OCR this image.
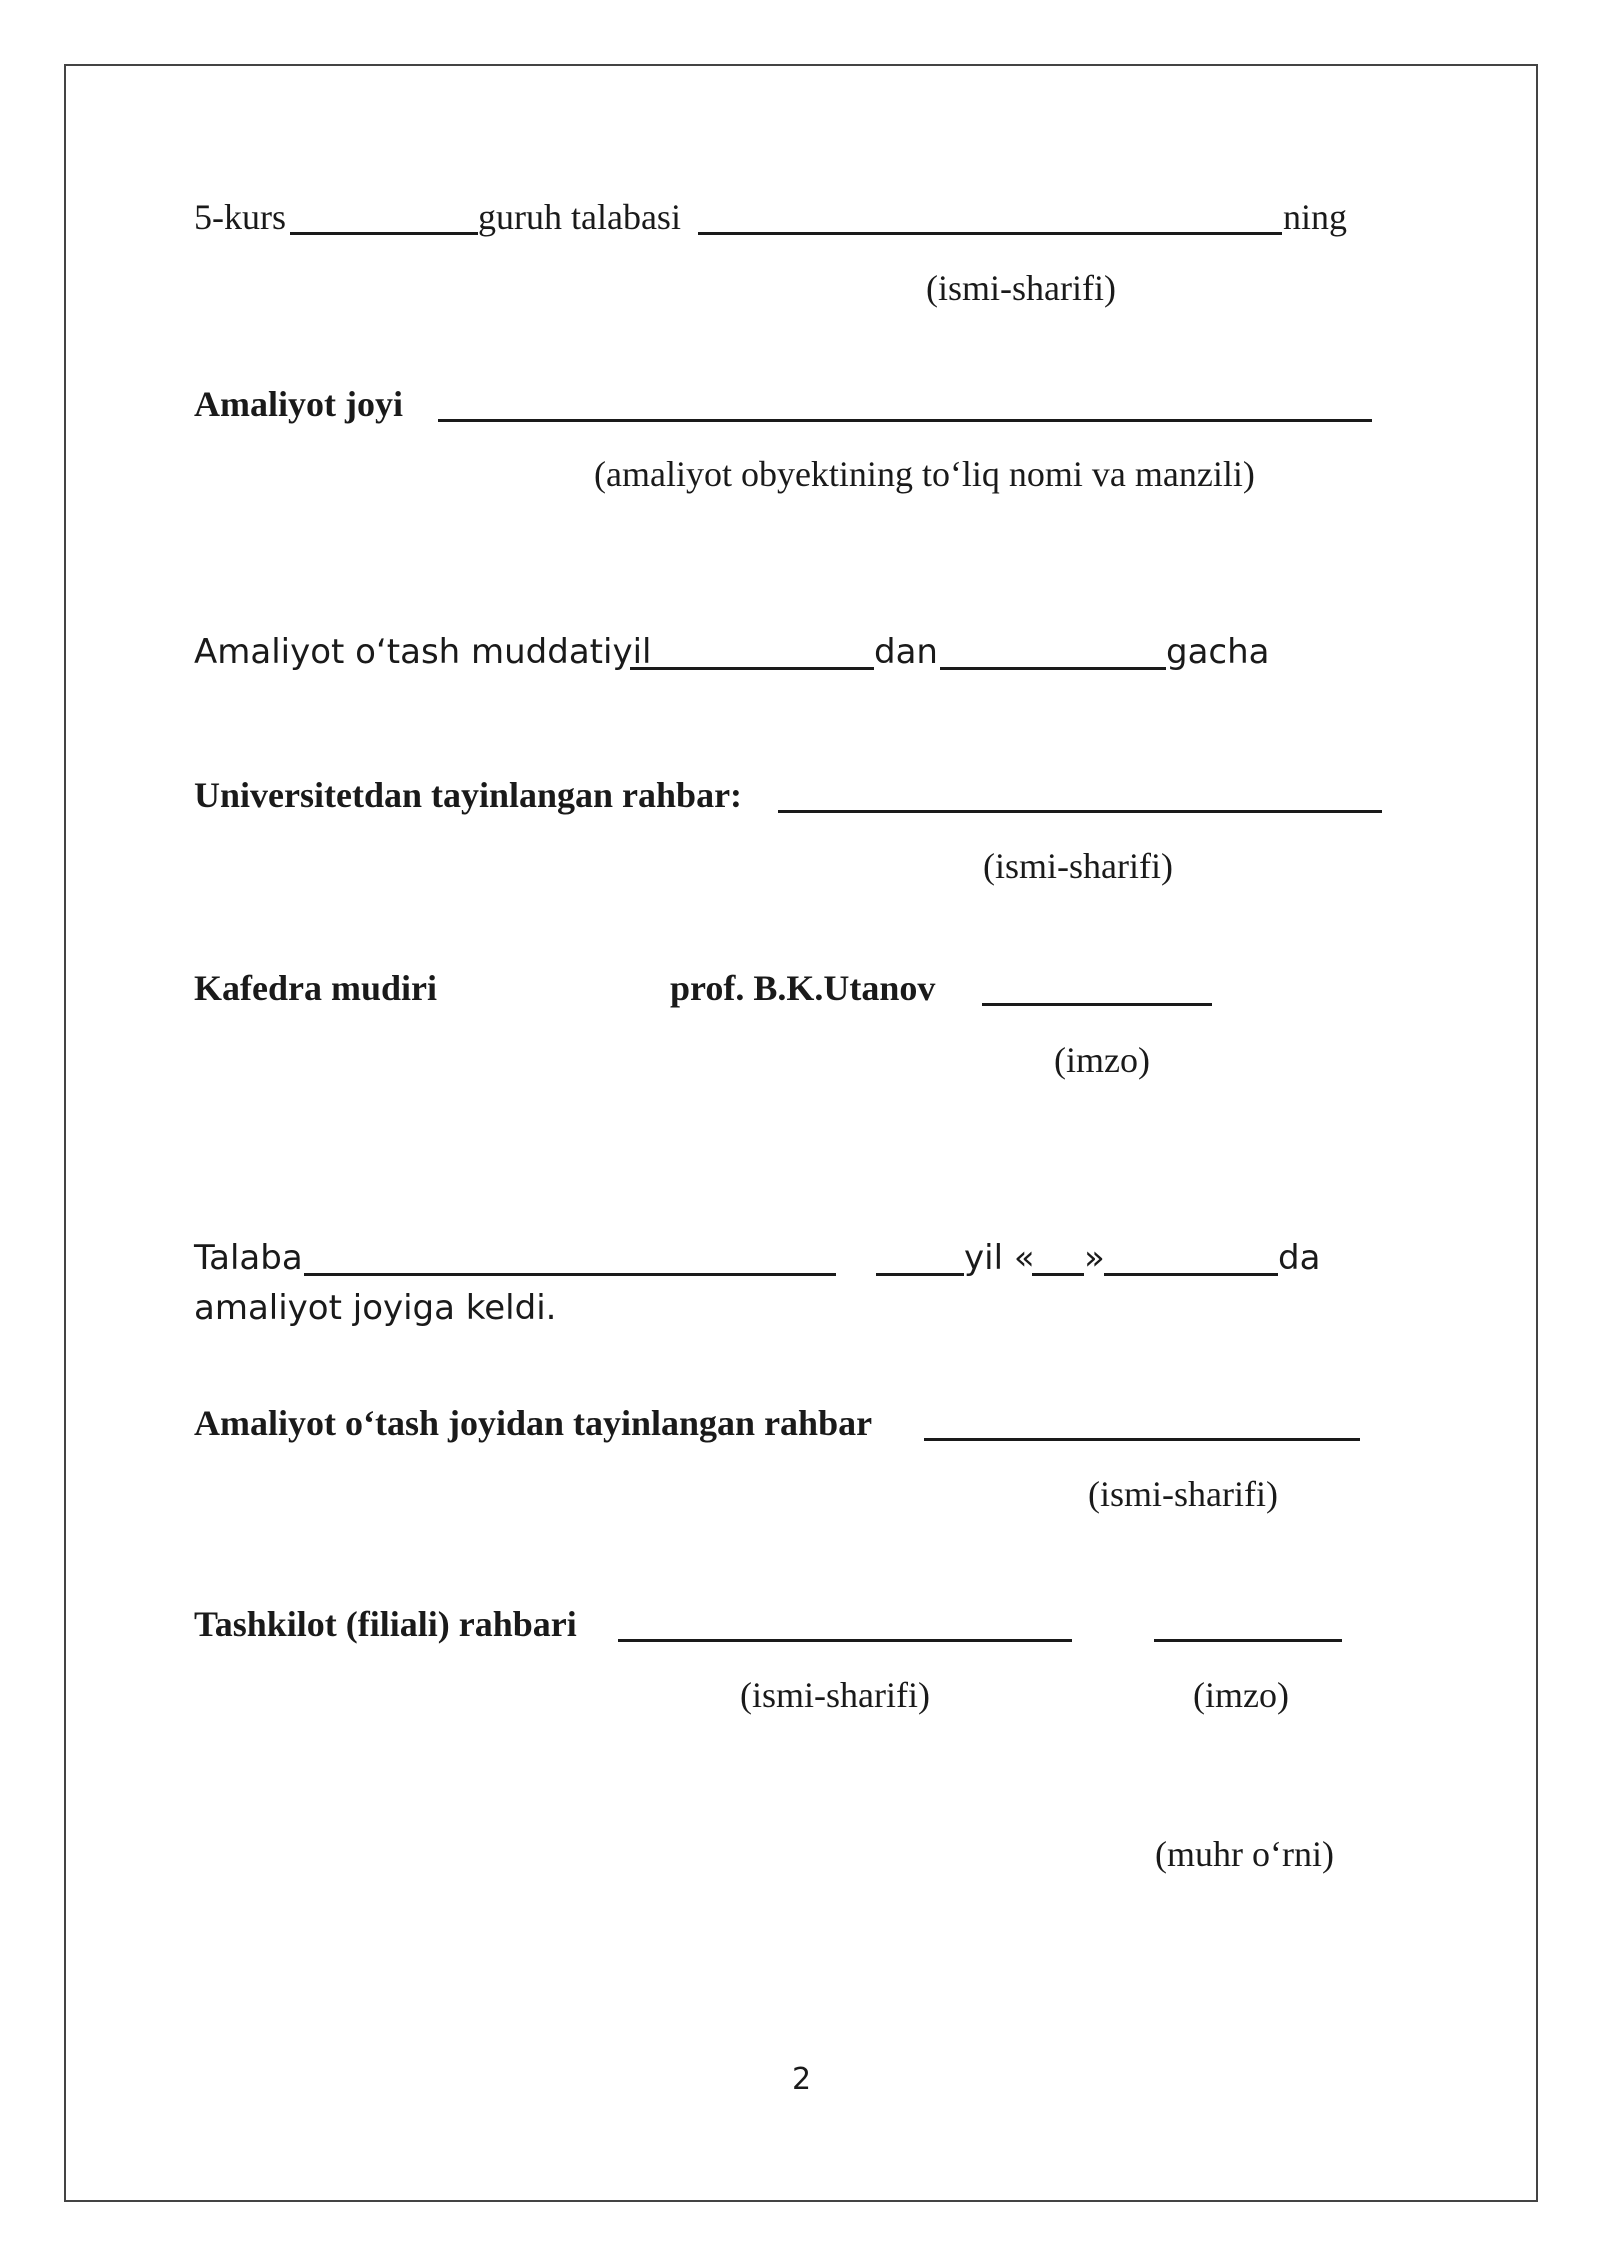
5-kurs	guruh talabasi	ning
(ismi-sharifi)
Amaliyot joyi
(amaliyot obyektining to‘liq nomi va manzili)
Amaliyot o‘tash muddatiyil	dan	gacha
Universitetdan tayinlangan rahbar:
(ismi-sharifi)
Kafedra mudiri	prof. B.K.Utanov
(imzo)
Talaba	yil « »	da
amaliyot joyiga keldi.
Amaliyot o‘tash joyidan tayinlangan rahbar
(ismi-sharifi)
Tashkilot (filiali) rahbari
(ismi-sharifi)	(imzo)
(muhr o‘rni)
2
